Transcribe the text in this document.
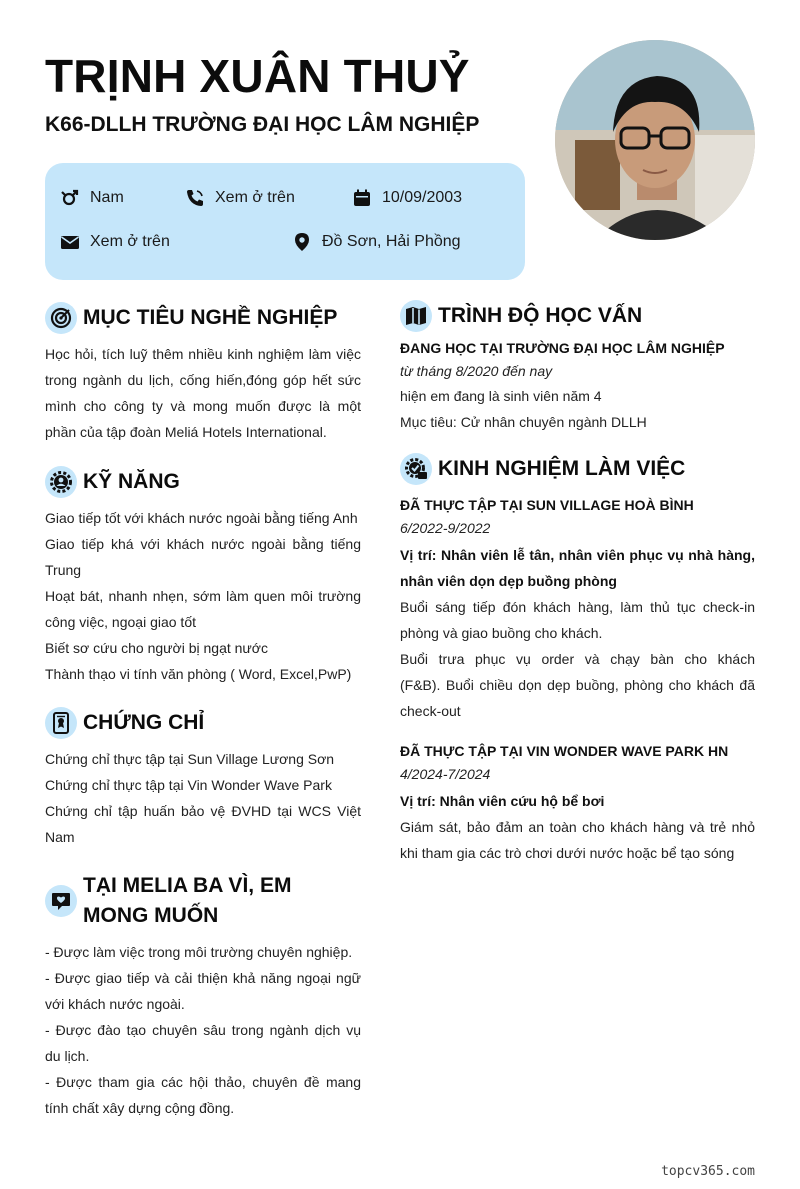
TRỊNH XUÂN THUỶ
K66-DLLH TRƯỜNG ĐẠI HỌC LÂM NGHIỆP
Nam	Xem ở trên	10/09/2003
Xem ở trên	Đồ Sơn, Hải Phồng
MỤC TIÊU NGHỀ NGHIỆP
Học hỏi, tích luỹ thêm nhiều kinh nghiệm làm việc trong ngành du lịch, cống hiến,đóng góp hết sức mình cho công ty và mong muốn được là một phần của tập đoàn Meliá Hotels International.
KỸ NĂNG
Giao tiếp tốt với khách nước ngoài bằng tiếng Anh
Giao tiếp khá với khách nước ngoài bằng tiếng Trung
Hoạt bát, nhanh nhẹn, sớm làm quen môi trường công việc, ngoại giao tốt
Biết sơ cứu cho người bị ngạt nước
Thành thạo vi tính văn phòng ( Word, Excel,PwP)
CHỨNG CHỈ
Chứng chỉ thực tập tại Sun Village Lương Sơn
Chứng chỉ thực tập tại Vin Wonder Wave Park
Chứng chỉ tập huấn bảo vệ ĐVHD tại WCS Việt Nam
TẠI MELIA BA VÌ, EM MONG MUỐN
- Được làm việc trong môi trường chuyên nghiệp.
- Được giao tiếp và cải thiện khả năng ngoại ngữ với khách nước ngoài.
- Được đào tạo chuyên sâu trong ngành dịch vụ du lịch.
- Được tham gia các hội thảo, chuyên đề mang tính chất xây dựng cộng đồng.
TRÌNH ĐỘ HỌC VẤN
ĐANG HỌC TẠI TRƯỜNG ĐẠI HỌC LÂM NGHIỆP
từ tháng 8/2020 đến nay
hiện em đang là sinh viên năm 4
Mục tiêu: Cử nhân chuyên ngành DLLH
KINH NGHIỆM LÀM VIỆC
ĐÃ THỰC TẬP TẠI SUN VILLAGE HOÀ BÌNH
6/2022-9/2022
Vị trí: Nhân viên lễ tân, nhân viên phục vụ nhà hàng, nhân viên dọn dẹp buồng phòng
Buổi sáng tiếp đón khách hàng, làm thủ tục check-in phòng và giao buồng cho khách.
Buổi trưa phục vụ order và chạy bàn cho khách       (F&B). Buổi chiều dọn dẹp buồng, phòng cho khách đã check-out
ĐÃ THỰC TẬP TẠI VIN WONDER WAVE PARK HN
4/2024-7/2024
Vị trí: Nhân viên cứu hộ bể bơi
Giám sát, bảo đảm an toàn cho khách hàng và trẻ nhỏ khi tham gia các trò chơi dưới nước hoặc bể tạo sóng
topcv365.com
